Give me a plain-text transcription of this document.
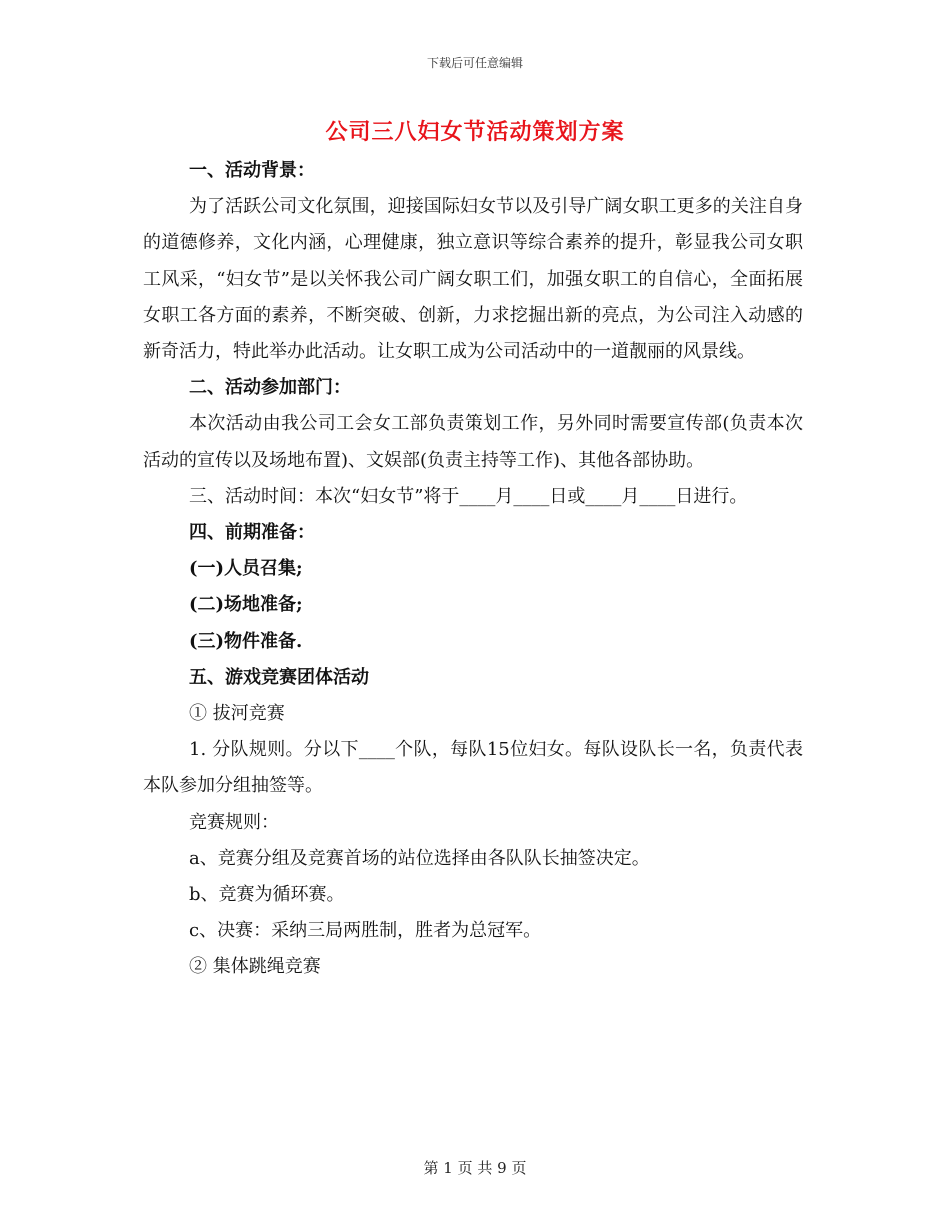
下载后可任意编辑
公司三八妇女节活动策划方案

一、活动背景：

为了活跃公司文化氛围，迎接国际妇女节以及引导广阔女职工更多的关注自身的道德修养，文化内涵，心理健康，独立意识等综合素养的提升，彰显我公司女职工风采，“妇女节”是以关怀我公司广阔女职工们，加强女职工的自信心，全面拓展女职工各方面的素养，不断突破、创新，力求挖掘出新的亮点，为公司注入动感的新奇活力，特此举办此活动。让女职工成为公司活动中的一道靓丽的风景线。

二、活动参加部门：

本次活动由我公司工会女工部负责策划工作，另外同时需要宣传部(负责本次活动的宣传以及场地布置)、文娱部(负责主持等工作)、其他各部协助。

三、活动时间：本次“妇女节”将于____月____日或____月____日进行。

四、前期准备：

(一)人员召集;

(二)场地准备;

(三)物件准备.

五、游戏竞赛团体活动

① 拔河竞赛

1. 分队规则。分以下____个队，每队15位妇女。每队设队长一名，负责代表本队参加分组抽签等。

竞赛规则：

a、竞赛分组及竞赛首场的站位选择由各队队长抽签决定。

b、竞赛为循环赛。

c、决赛：采纳三局两胜制，胜者为总冠军。

② 集体跳绳竞赛

第 1 页 共 9 页
